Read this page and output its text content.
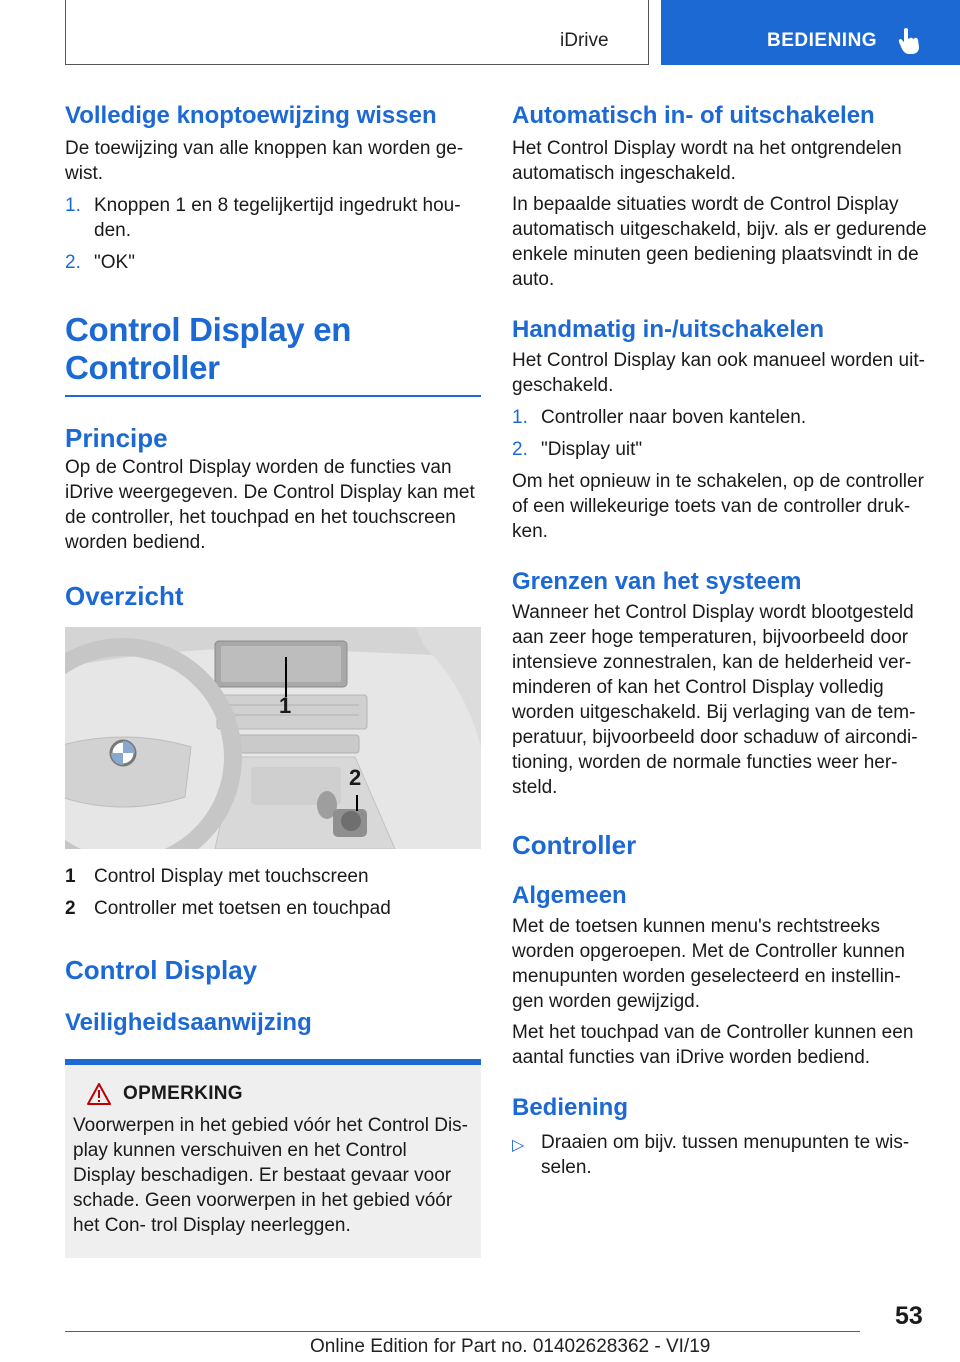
iDrive	BEDIENING
Volledige knoptoewijzing wissen
De toewijzing van alle knoppen kan worden ge- wist.
1. Knoppen 1 en 8 tegelijkertijd ingedrukt hou- den.
2. "OK"
Control Display en
Controller
Principe
Op de Control Display worden de functies van iDrive weergegeven. De Control Display kan met de controller, het touchpad en het touchscreen worden bediend.
Overzicht
1
2
1 Control Display met touchscreen
2 Controller met toetsen en touchpad
Control Display
Veiligheidsaanwijzing
OPMERKING
Voorwerpen in het gebied vóór het Control Dis- play kunnen verschuiven en het Control Display beschadigen. Er bestaat gevaar voor schade. Geen voorwerpen in het gebied vóór het Con- trol Display neerleggen.
Automatisch in- of uitschakelen
Het Control Display wordt na het ontgrendelen automatisch ingeschakeld.
In bepaalde situaties wordt de Control Display automatisch uitgeschakeld, bijv. als er gedurende enkele minuten geen bediening plaatsvindt in de auto.
Handmatig in-/uitschakelen
Het Control Display kan ook manueel worden uit- geschakeld.
1. Controller naar boven kantelen.
2. "Display uit"
Om het opnieuw in te schakelen, op de controller of een willekeurige toets van de controller druk- ken.
Grenzen van het systeem
Wanneer het Control Display wordt blootgesteld aan zeer hoge temperaturen, bijvoorbeeld door intensieve zonnestralen, kan de helderheid ver- minderen of kan het Control Display volledig worden uitgeschakeld. Bij verlaging van de tem- peratuur, bijvoorbeeld door schaduw of aircondi- tioning, worden de normale functies weer her- steld.
Controller
Algemeen
Met de toetsen kunnen menu's rechtstreeks worden opgeroepen. Met de Controller kunnen menupunten worden geselecteerd en instellin- gen worden gewijzigd.
Met het touchpad van de Controller kunnen een aantal functies van iDrive worden bediend.
Bediening
▷ Draaien om bijv. tussen menupunten te wis- selen.
53
Online Edition for Part no. 01402628362 - VI/19
